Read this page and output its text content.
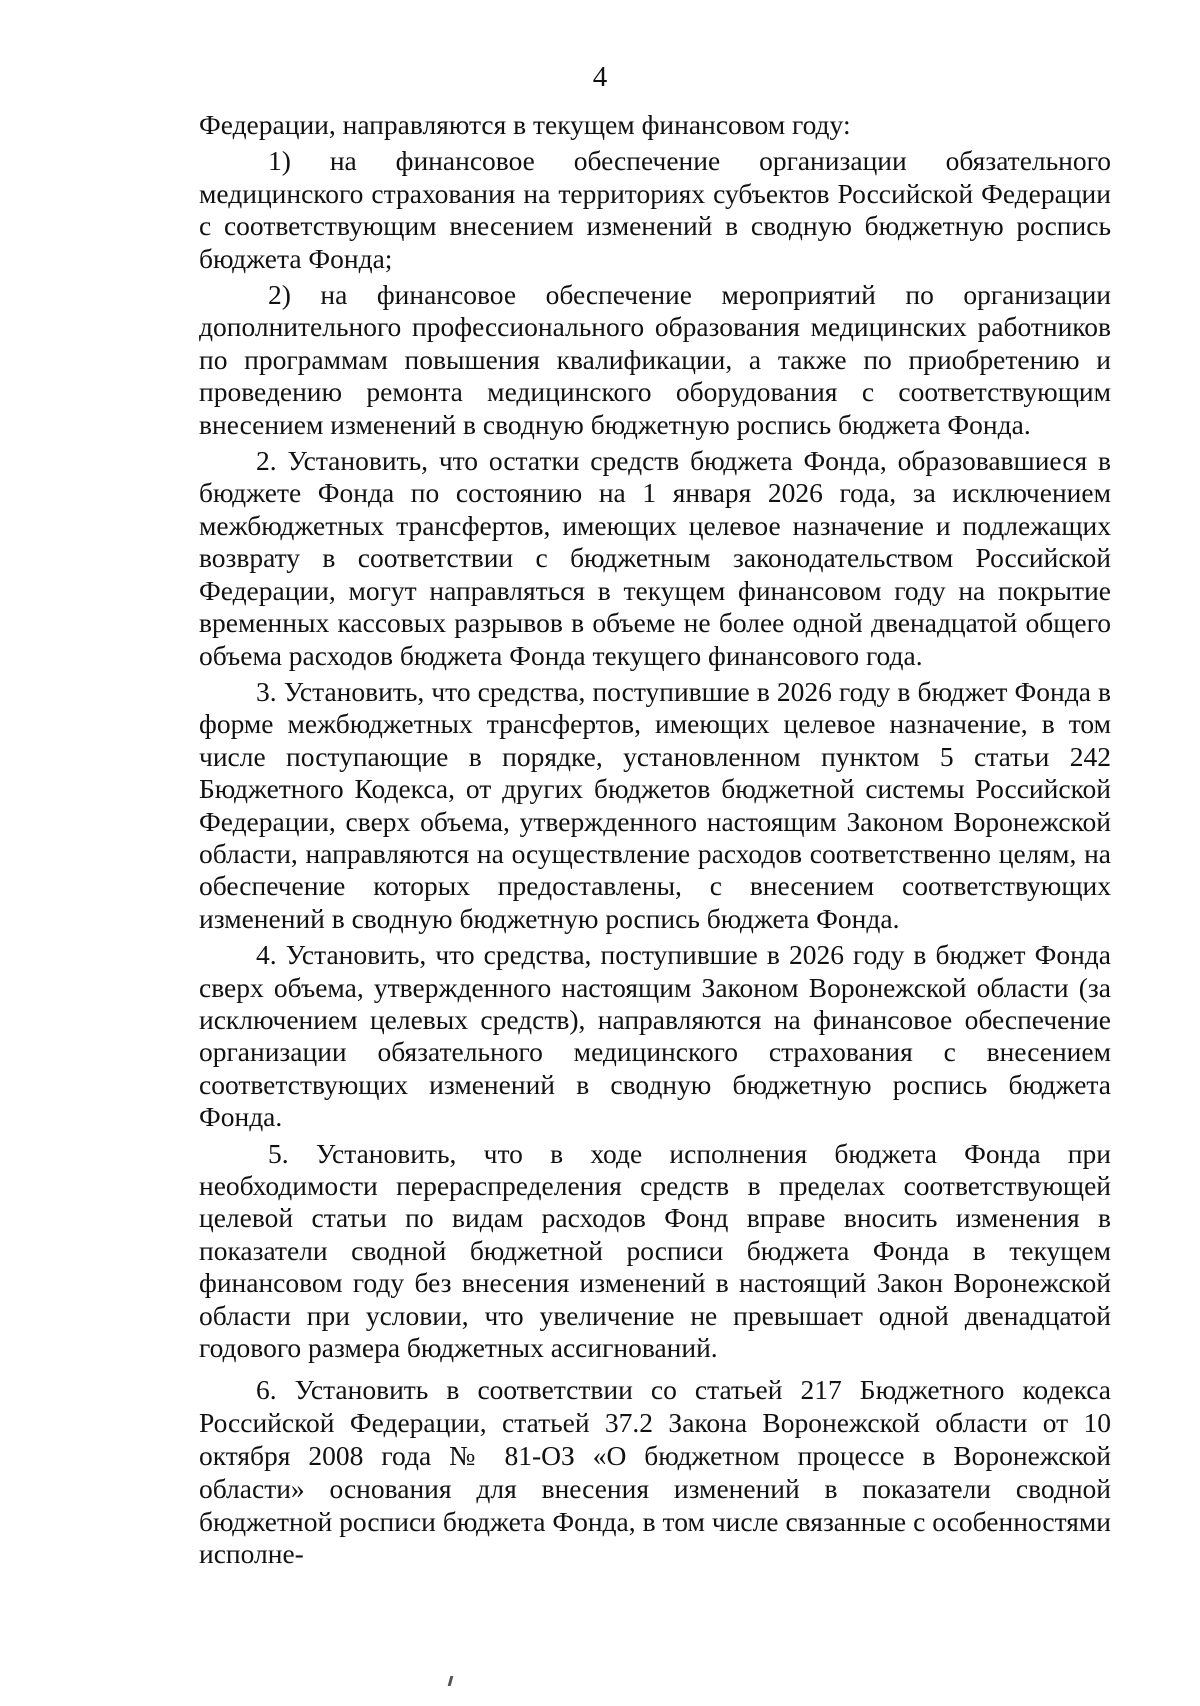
4

Федерации, направляются в текущем финансовом году:

1) на финансовое обеспечение организации обязательного медицинского страхования на территориях субъектов Российской Федерации с соответствующим внесением изменений в сводную бюджетную роспись бюджета Фонда;

2) на финансовое обеспечение мероприятий по организации дополнительного профессионального образования медицинских работников по программам повышения квалификации, а также по приобретению и проведению ремонта медицинского оборудования с соответствующим внесением изменений в сводную бюджетную роспись бюджета Фонда.

2. Установить, что остатки средств бюджета Фонда, образовавшиеся в бюджете Фонда по состоянию на 1 января 2026 года, за исключением межбюджетных трансфертов, имеющих целевое назначение и подлежащих возврату в соответствии с бюджетным законодательством Российской Федерации, могут направляться в текущем финансовом году на покрытие временных кассовых разрывов в объеме не более одной двенадцатой общего объема расходов бюджета Фонда текущего финансового года.

3. Установить, что средства, поступившие в 2026 году в бюджет Фонда в форме межбюджетных трансфертов, имеющих целевое назначение, в том числе поступающие в порядке, установленном пунктом 5 статьи 242 Бюджетного Кодекса, от других бюджетов бюджетной системы Российской Федерации, сверх объема, утвержденного настоящим Законом Воронежской области, направляются на осуществление расходов соответственно целям, на обеспечение которых предоставлены, с внесением соответствующих изменений в сводную бюджетную роспись бюджета Фонда.

4. Установить, что средства, поступившие в 2026 году в бюджет Фонда сверх объема, утвержденного настоящим Законом Воронежской области (за исключением целевых средств), направляются на финансовое обеспечение организации обязательного медицинского страхования с внесением соответствующих изменений в сводную бюджетную роспись бюджета Фонда.

5. Установить, что в ходе исполнения бюджета Фонда при необходимости перераспределения средств в пределах соответствующей целевой статьи по видам расходов Фонд вправе вносить изменения в показатели сводной бюджетной росписи бюджета Фонда в текущем финансовом году без внесения изменений в настоящий Закон Воронежской области при условии, что увеличение не превышает одной двенадцатой годового размера бюджетных ассигнований.

6. Установить в соответствии со статьей 217 Бюджетного кодекса Российской Федерации, статьей 37.2 Закона Воронежской области от 10 октября 2008 года № 81-ОЗ «О бюджетном процессе в Воронежской области» основания для внесения изменений в показатели сводной бюджетной росписи бюджета Фонда, в том числе связанные с особенностями исполне-
